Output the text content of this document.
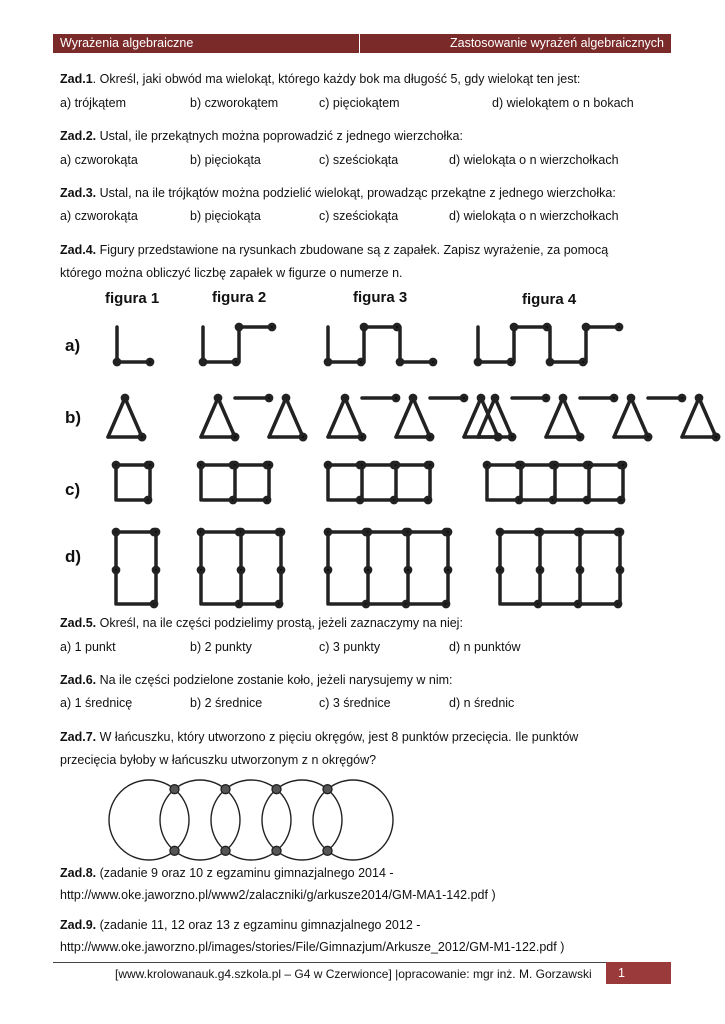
Wyrażenia algebraiczne	Zastosowanie wyrażeń algebraicznych
Zad.1. Określ, jaki obwód ma wielokąt, którego każdy bok ma długość 5, gdy wielokąt ten jest:
a) trójkątem	b) czworokątem	c) pięciokątem	d) wielokątem o n bokach
Zad.2. Ustal, ile przekątnych można poprowadzić z jednego wierzchołka:
a) czworokąta	b) pięciokąta	c) sześciokąta	d) wielokąta o n wierzchołkach
Zad.3. Ustal, na ile trójkątów można podzielić wielokąt, prowadząc przekątne z jednego wierzchołka:
a) czworokąta	b) pięciokąta	c) sześciokąta	d) wielokąta o n wierzchołkach
Zad.4. Figury przedstawione na rysunkach zbudowane są z zapałek. Zapisz wyrażenie, za pomocą
którego można obliczyć liczbę zapałek w figurze o numerze n.
figura 1	figura 2	figura 3	figura 4
a)
b)
c)
d)
Zad.5. Określ, na ile części podzielimy prostą, jeżeli zaznaczymy na niej:
a) 1 punkt	b) 2 punkty	c) 3 punkty	d) n punktów
Zad.6. Na ile części podzielone zostanie koło, jeżeli narysujemy w nim:
a) 1 średnicę	b) 2 średnice	c) 3 średnice	d) n średnic
Zad.7. W łańcuszku, który utworzono z pięciu okręgów, jest 8 punktów przecięcia. Ile punktów
przecięcia byłoby w łańcuszku utworzonym z n okręgów?
Zad.8. (zadanie 9 oraz 10 z egzaminu gimnazjalnego 2014 -
http://www.oke.jaworzno.pl/www2/zalaczniki/g/arkusze2014/GM-MA1-142.pdf )
Zad.9. (zadanie 11, 12 oraz 13 z egzaminu gimnazjalnego 2012 -
http://www.oke.jaworzno.pl/images/stories/File/Gimnazjum/Arkusze_2012/GM-M1-122.pdf )
[www.krolowanauk.g4.szkola.pl – G4 w Czerwionce] |opracowanie: mgr inż. M. Gorzawski 1
